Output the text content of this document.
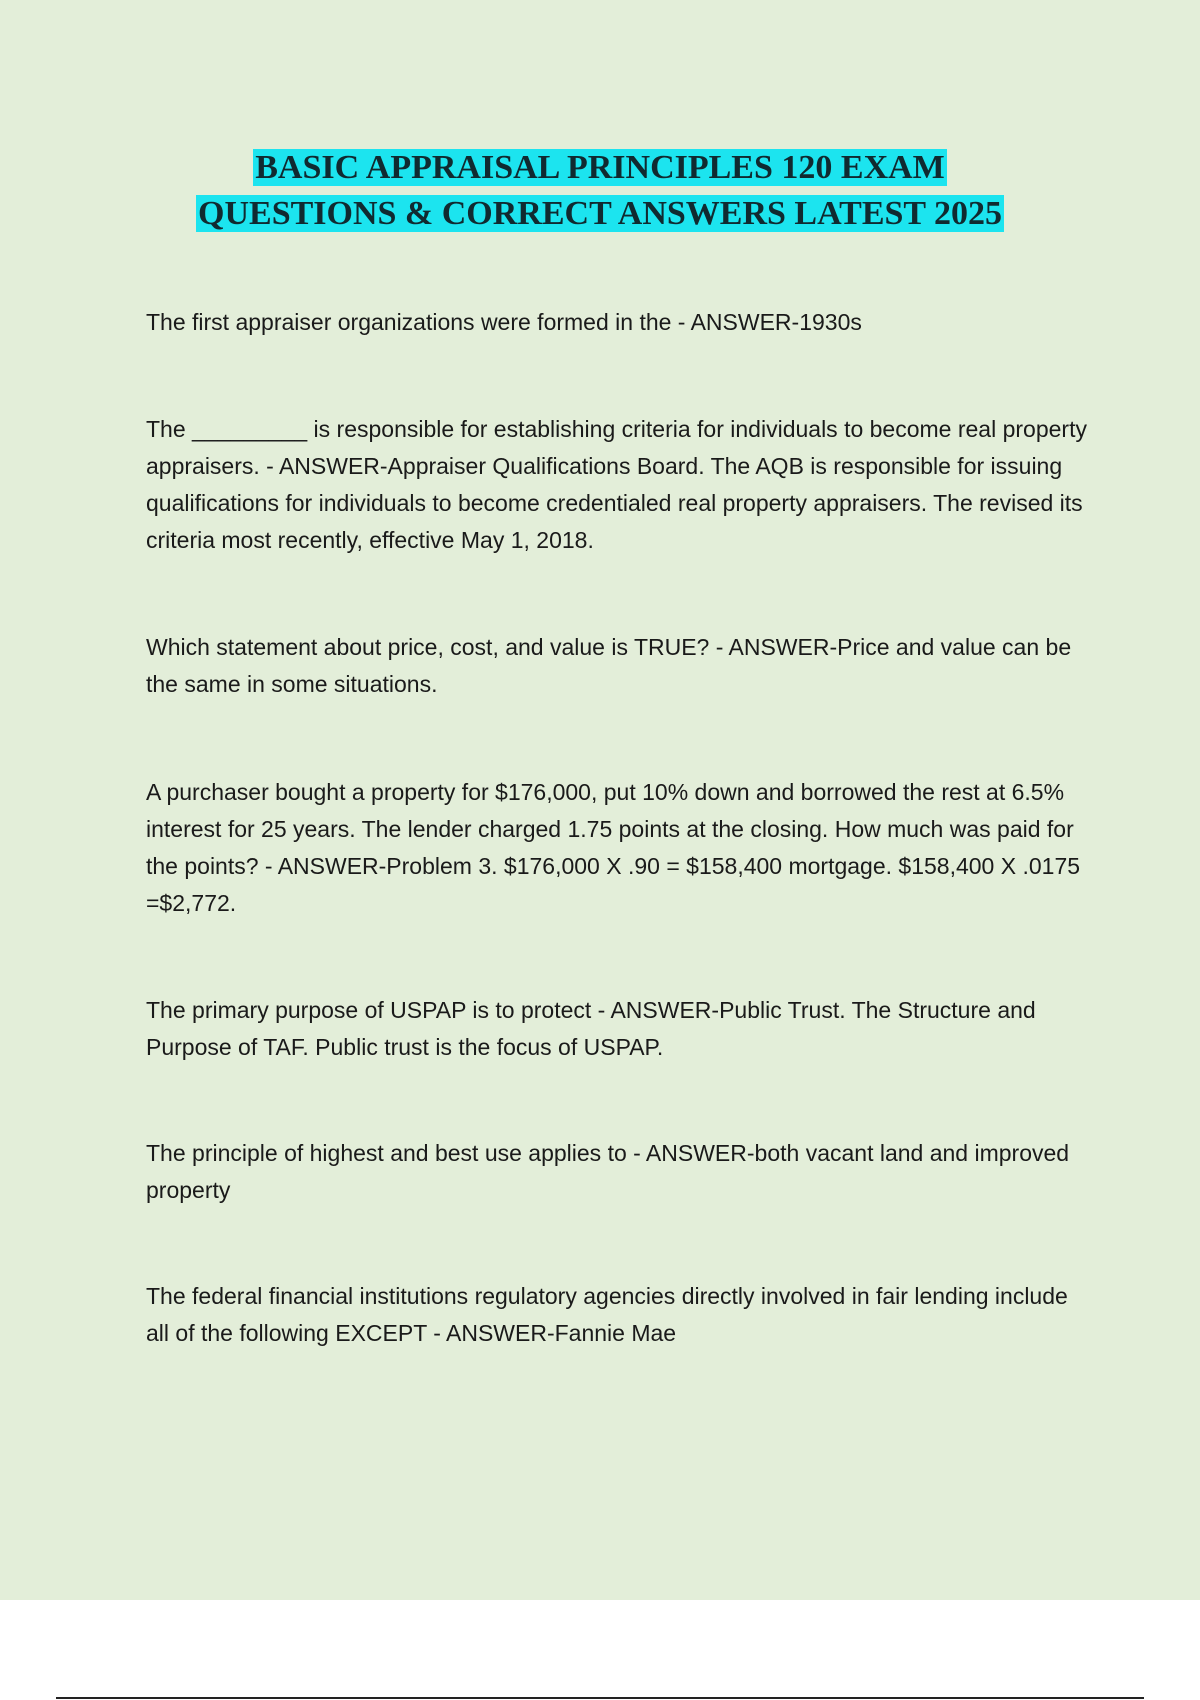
BASIC APPRAISAL PRINCIPLES 120 EXAM
QUESTIONS & CORRECT ANSWERS LATEST 2025

The first appraiser organizations were formed in the - ANSWER-1930s

The _________ is responsible for establishing criteria for individuals to become real property appraisers. - ANSWER-Appraiser Qualifications Board. The AQB is responsible for issuing qualifications for individuals to become credentialed real property appraisers. The revised its criteria most recently, effective May 1, 2018.

Which statement about price, cost, and value is TRUE? - ANSWER-Price and value can be the same in some situations.

A purchaser bought a property for $176,000, put 10% down and borrowed the rest at 6.5% interest for 25 years. The lender charged 1.75 points at the closing. How much was paid for the points? - ANSWER-Problem 3. $176,000 X .90 = $158,400 mortgage. $158,400 X .0175 =$2,772.

The primary purpose of USPAP is to protect - ANSWER-Public Trust. The Structure and Purpose of TAF. Public trust is the focus of USPAP.

The principle of highest and best use applies to - ANSWER-both vacant land and improved property

The federal financial institutions regulatory agencies directly involved in fair lending include all of the following EXCEPT - ANSWER-Fannie Mae
